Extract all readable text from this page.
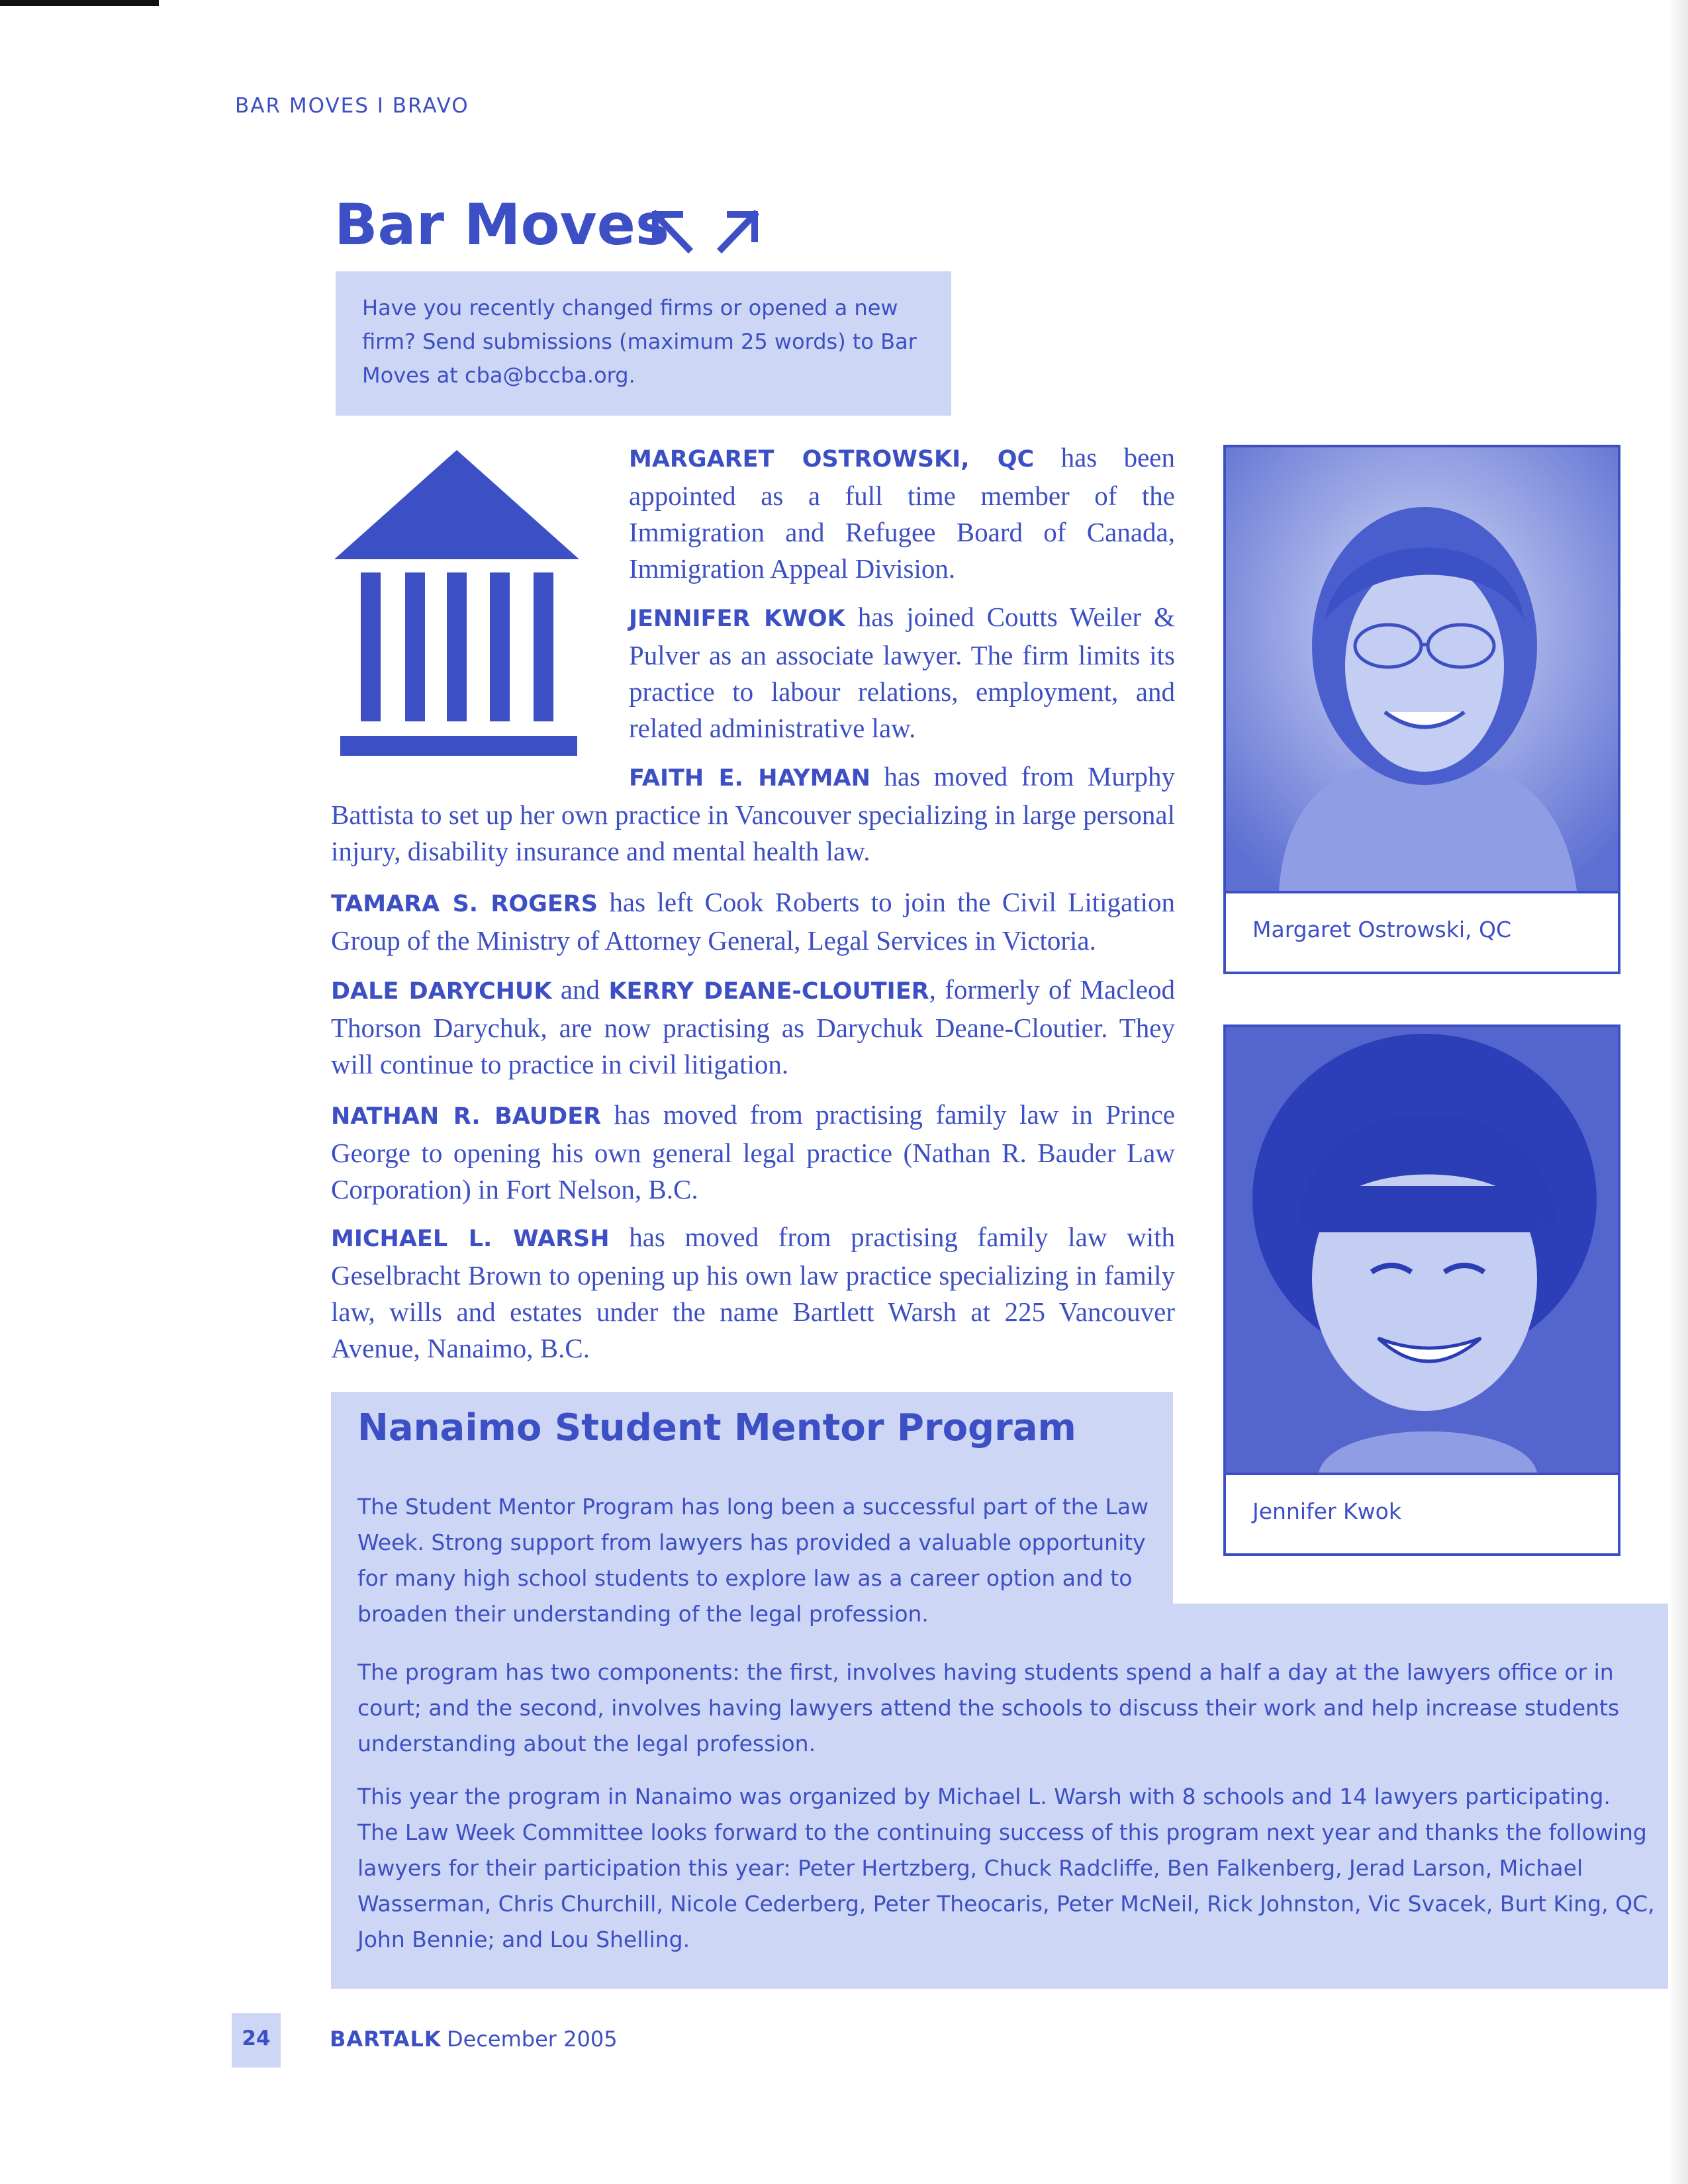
BAR MOVES I BRAVO
Bar Moves
Have you recently changed firms or opened a new firm? Send submissions (maximum 25 words) to Bar Moves at cba@bccba.org.
MARGARET OSTROWSKI, QC has been appointed as a full time member of the Immigration and Refugee Board of Canada, Immigration Appeal Division.
JENNIFER KWOK has joined Coutts Weiler & Pulver as an associate lawyer. The firm limits its practice to labour relations, employment, and related administrative law.
FAITH E. HAYMAN has moved from Murphy Battista to set up her own practice in Vancouver specializing in large personal injury, disability insurance and mental health law.
TAMARA S. ROGERS has left Cook Roberts to join the Civil Litigation Group of the Ministry of Attorney General, Legal Services in Victoria.
DALE DARYCHUK and KERRY DEANE-CLOUTIER, formerly of Macleod Thorson Darychuk, are now practising as Darychuk Deane-Cloutier. They will continue to practice in civil litigation.
NATHAN R. BAUDER has moved from practising family law in Prince George to opening his own general legal practice (Nathan R. Bauder Law Corporation) in Fort Nelson, B.C.
MICHAEL L. WARSH has moved from practising family law with Geselbracht Brown to opening up his own law practice specializing in family law, wills and estates under the name Bartlett Warsh at 225 Vancouver Avenue, Nanaimo, B.C.
Margaret Ostrowski, QC
Jennifer Kwok
Nanaimo Student Mentor Program
The Student Mentor Program has long been a successful part of the Law Week. Strong support from lawyers has provided a valuable opportunity for many high school students to explore law as a career option and to broaden their understanding of the legal profession.
The program has two components: the first, involves having students spend a half a day at the lawyers office or in court; and the second, involves having lawyers attend the schools to discuss their work and help increase students understanding about the legal profession.
This year the program in Nanaimo was organized by Michael L. Warsh with 8 schools and 14 lawyers participating. The Law Week Committee looks forward to the continuing success of this program next year and thanks the following lawyers for their participation this year: Peter Hertzberg, Chuck Radcliffe, Ben Falkenberg, Jerad Larson, Michael Wasserman, Chris Churchill, Nicole Cederberg, Peter Theocaris, Peter McNeil, Rick Johnston, Vic Svacek, Burt King, QC, John Bennie; and Lou Shelling.
24	BARTALK December 2005
